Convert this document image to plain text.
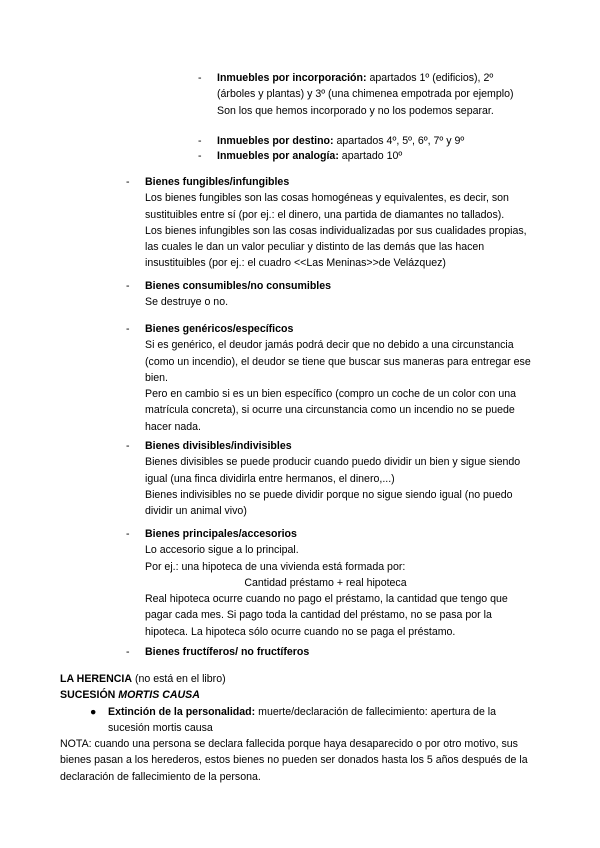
- Inmuebles por incorporación: apartados 1º (edificios), 2º (árboles y plantas) y 3º (una chimenea empotrada por ejemplo)
Son los que hemos incorporado y no los podemos separar.
- Inmuebles por destino: apartados 4º, 5º, 6º, 7º y 9º
- Inmuebles por analogía: apartado 10º
- Bienes fungibles/infungibles
Los bienes fungibles son las cosas homogéneas y equivalentes, es decir, son sustituibles entre sí (por ej.: el dinero, una partida de diamantes no tallados).
Los bienes infungibles son las cosas individualizadas por sus cualidades propias, las cuales le dan un valor peculiar y distinto de las demás que las hacen insustituibles (por ej.: el cuadro <<Las Meninas>>de Velázquez)
- Bienes consumibles/no consumibles
Se destruye o no.
- Bienes genéricos/específicos
Si es genérico, el deudor jamás podrá decir que no debido a una circunstancia (como un incendio), el deudor se tiene que buscar sus maneras para entregar ese bien.
Pero en cambio si es un bien específico (compro un coche de un color con una matrícula concreta), si ocurre una circunstancia como un incendio no se puede hacer nada.
- Bienes divisibles/indivisibles
Bienes divisibles se puede producir cuando puedo dividir un bien y sigue siendo igual (una finca dividirla entre hermanos, el dinero,...)
Bienes indivisibles no se puede dividir porque no sigue siendo igual (no puedo dividir un animal vivo)
- Bienes principales/accesorios
Lo accesorio sigue a lo principal.
Por ej.: una hipoteca de una vivienda está formada por:

Cantidad préstamo + real hipoteca
Real hipoteca ocurre cuando no pago el préstamo, la cantidad que tengo que pagar cada mes. Si pago toda la cantidad del préstamo, no se pasa por la hipoteca. La hipoteca sólo ocurre cuando no se paga el préstamo.
- Bienes fructíferos/ no fructíferos
LA HERENCIA (no está en el libro)
SUCESIÓN MORTIS CAUSA
● Extinción de la personalidad: muerte/declaración de fallecimiento: apertura de la sucesión mortis causa
NOTA: cuando una persona se declara fallecida porque haya desaparecido o por otro motivo, sus bienes pasan a los herederos, estos bienes no pueden ser donados hasta los 5 años después de la declaración de fallecimiento de la persona.
